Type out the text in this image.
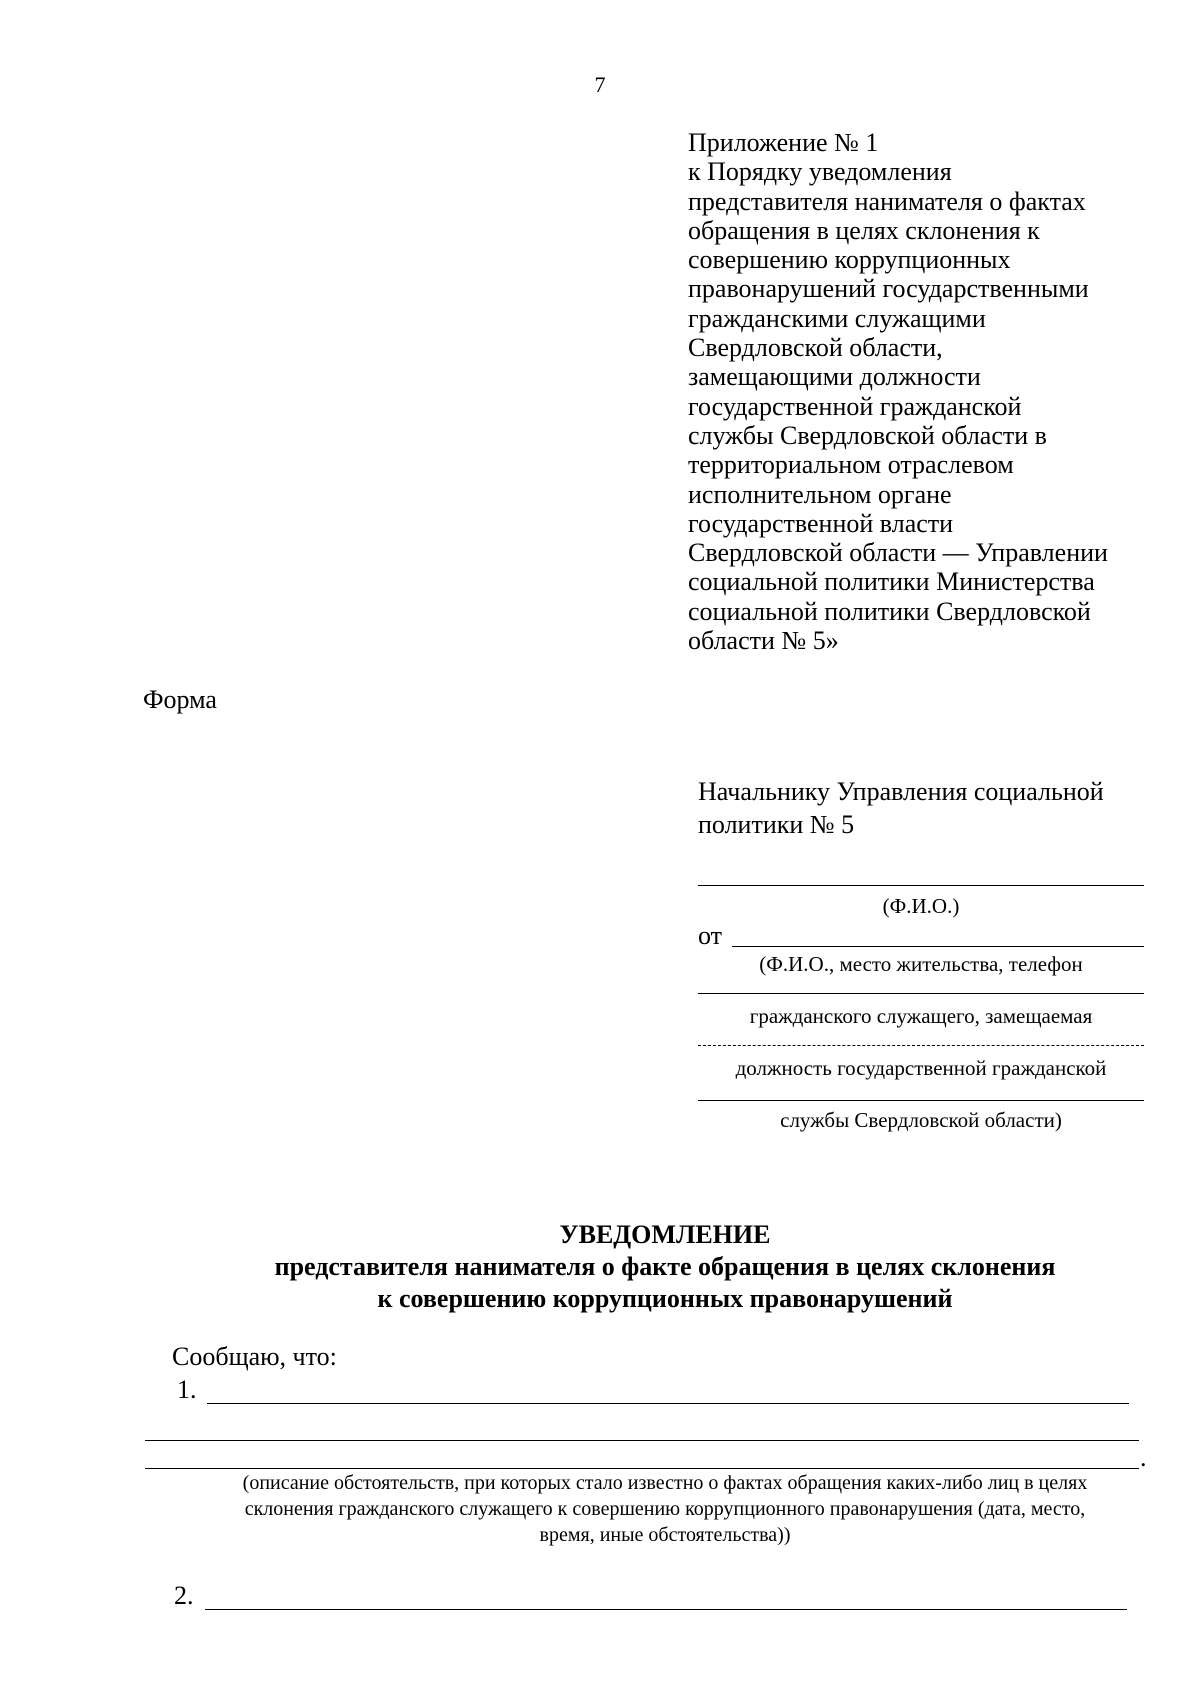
7
Приложение № 1
к Порядку уведомления
представителя нанимателя о фактах
обращения в целях склонения к
совершению коррупционных
правонарушений государственными
гражданскими служащими
Свердловской области,
замещающими должности
государственной гражданской
службы Свердловской области в
территориальном отраслевом
исполнительном органе
государственной власти
Свердловской области — Управлении
социальной политики Министерства
социальной политики Свердловской
области № 5»
Форма
Начальнику Управления социальной
политики № 5
(Ф.И.О.)
от
(Ф.И.О., место жительства, телефон
гражданского служащего, замещаемая
должность государственной гражданской
службы Свердловской области)
УВЕДОМЛЕНИЕ
представителя нанимателя о факте обращения в целях склонения
к совершению коррупционных правонарушений
Сообщаю, что:
1.
.
(описание обстоятельств, при которых стало известно о фактах обращения каких-либо лиц в целях
склонения гражданского служащего к совершению коррупционного правонарушения (дата, место,
время, иные обстоятельства))
2.
